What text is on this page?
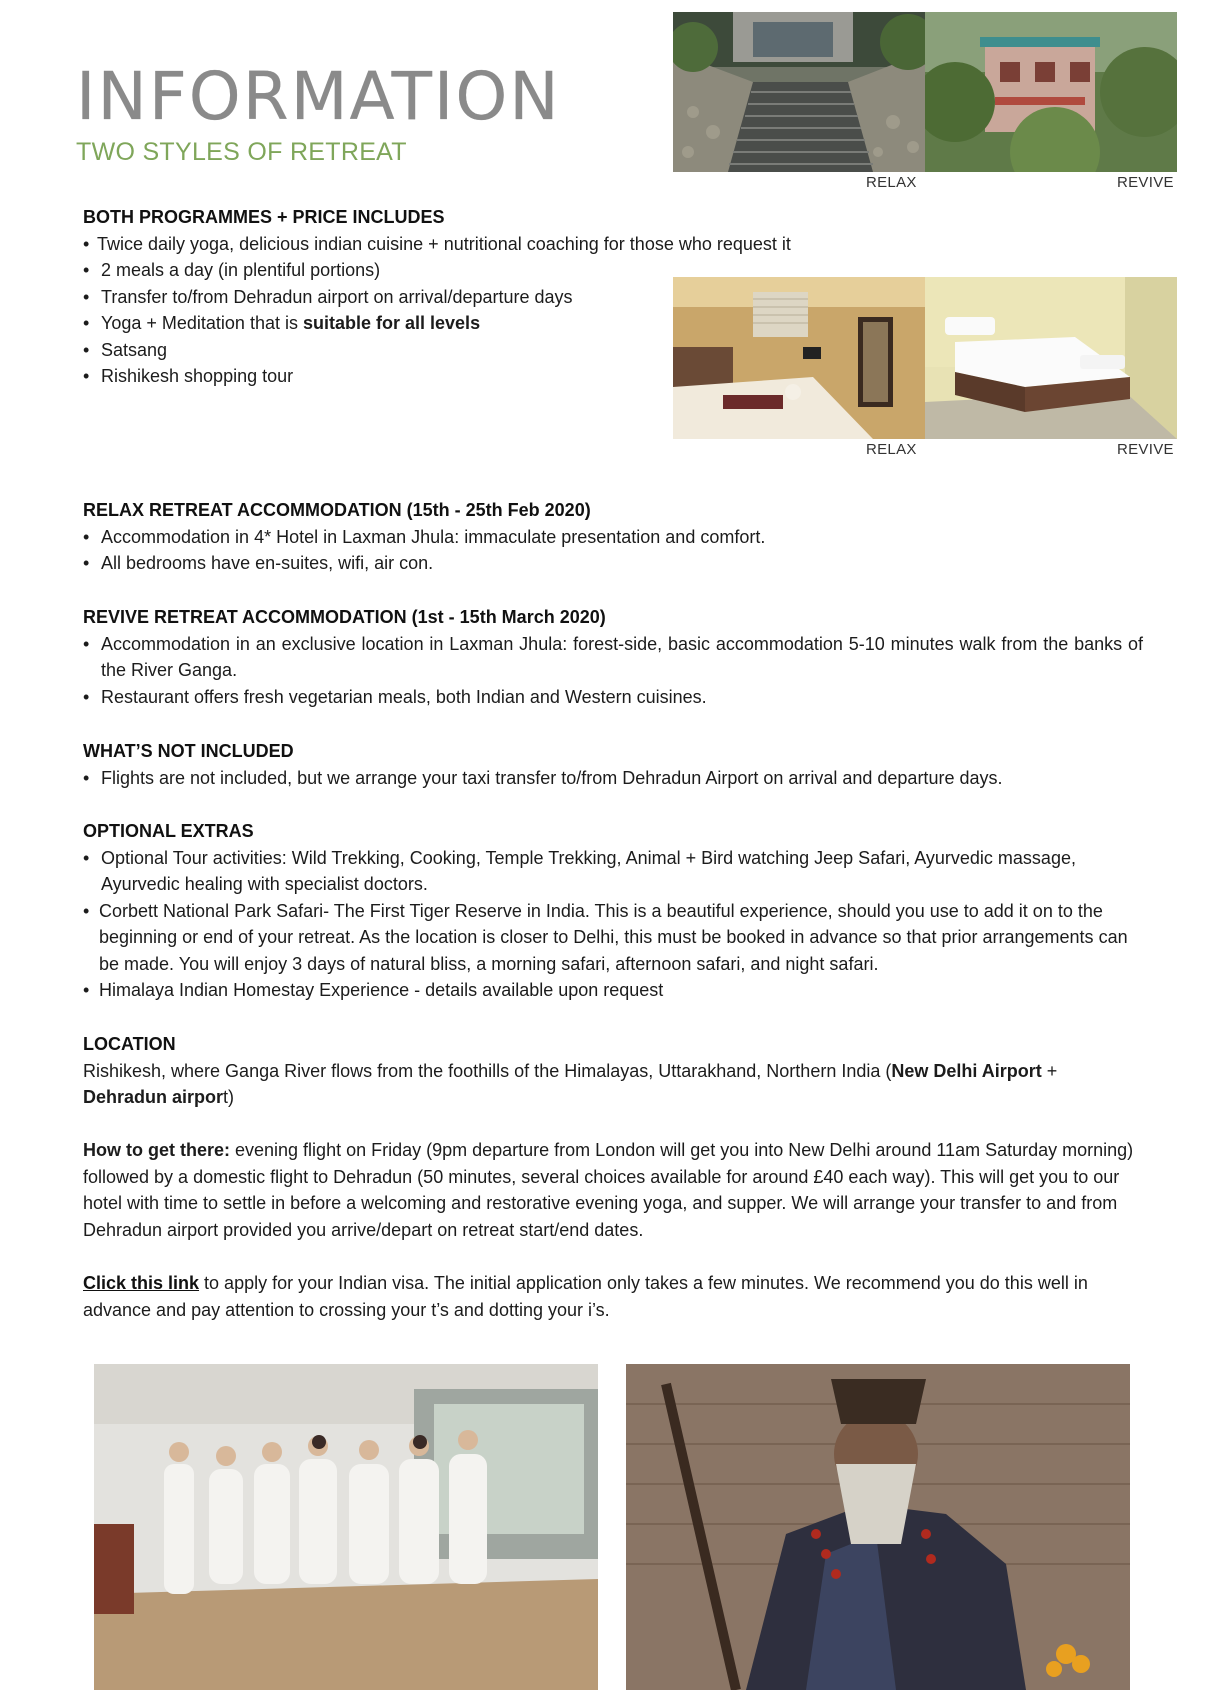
INFORMATION
TWO STYLES OF RETREAT
RELAX	REVIVE
RELAX	REVIVE
BOTH PROGRAMMES + PRICE INCLUDES
• Twice daily yoga, delicious indian cuisine + nutritional coaching for those who request it
• 2 meals a day (in plentiful portions)
• Transfer to/from Dehradun airport on arrival/departure days
• Yoga + Meditation that is suitable for all levels
• Satsang
• Rishikesh shopping tour
RELAX RETREAT ACCOMMODATION (15th - 25th Feb 2020)
• Accommodation in 4* Hotel in Laxman Jhula: immaculate presentation and comfort.
• All bedrooms have en-suites, wifi, air con.
REVIVE RETREAT ACCOMMODATION (1st - 15th March 2020)
• Accommodation in an exclusive location in Laxman Jhula: forest-side, basic accommodation 5-10 minutes walk from the banks of the River Ganga.
• Restaurant offers fresh vegetarian meals, both Indian and Western cuisines.
WHAT’S NOT INCLUDED
• Flights are not included, but we arrange your taxi transfer to/from Dehradun Airport on arrival and departure days.
OPTIONAL EXTRAS
• Optional Tour activities: Wild Trekking, Cooking, Temple Trekking, Animal + Bird watching Jeep Safari, Ayurvedic massage, Ayurvedic healing with specialist doctors.
• Corbett National Park Safari- The First Tiger Reserve in India. This is a beautiful experience, should you use to add it on to the beginning or end of your retreat. As the location is closer to Delhi, this must be booked in advance so that prior arrangements can be made. You will enjoy 3 days of natural bliss, a morning safari, afternoon safari, and night safari.
• Himalaya Indian Homestay Experience - details available upon request
LOCATION
Rishikesh, where Ganga River flows from the foothills of the Himalayas, Uttarakhand, Northern India (New Delhi Airport + Dehradun airport)
How to get there: evening flight on Friday (9pm departure from London will get you into New Delhi around 11am Saturday morning) followed by a domestic flight to Dehradun (50 minutes, several choices available for around £40 each way). This will get you to our hotel with time to settle in before a welcoming and restorative evening yoga, and supper. We will arrange your transfer to and from Dehradun airport provided you arrive/depart on retreat start/end dates.
Click this link to apply for your Indian visa. The initial application only takes a few minutes. We recommend you do this well in advance and pay attention to crossing your t’s and dotting your i’s.
